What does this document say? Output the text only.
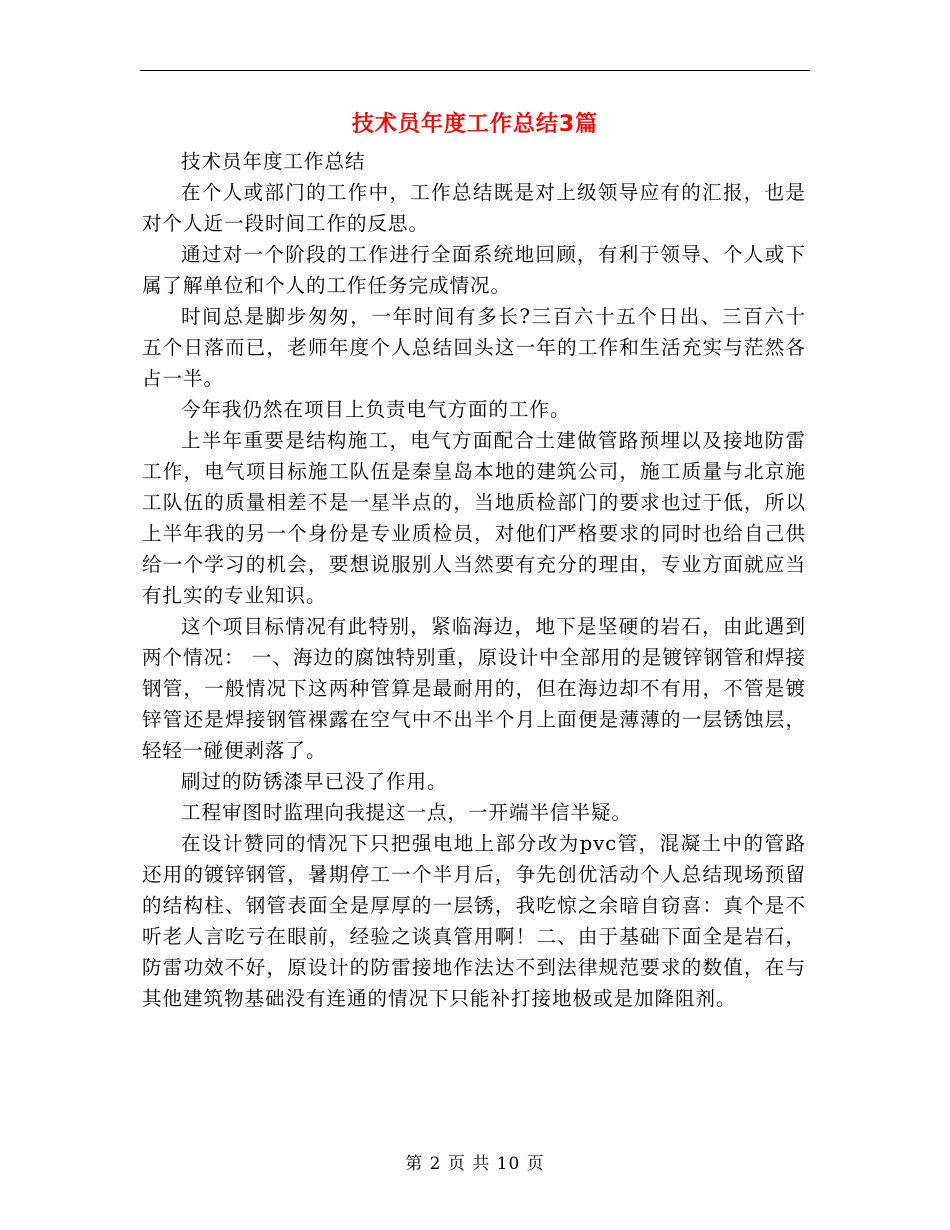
技术员年度工作总结3篇

技术员年度工作总结

在个人或部门的工作中，工作总结既是对上级领导应有的汇报，也是对个人近一段时间工作的反思。

通过对一个阶段的工作进行全面系统地回顾，有利于领导、个人或下属了解单位和个人的工作任务完成情况。

时间总是脚步匆匆，一年时间有多长?三百六十五个日出、三百六十五个日落而已，老师年度个人总结回头这一年的工作和生活充实与茫然各占一半。

今年我仍然在项目上负责电气方面的工作。

上半年重要是结构施工，电气方面配合土建做管路预埋以及接地防雷工作，电气项目标施工队伍是秦皇岛本地的建筑公司，施工质量与北京施工队伍的质量相差不是一星半点的，当地质检部门的要求也过于低，所以上半年我的另一个身份是专业质检员，对他们严格要求的同时也给自己供给一个学习的机会，要想说服别人当然要有充分的理由，专业方面就应当有扎实的专业知识。

这个项目标情况有此特别，紧临海边，地下是坚硬的岩石，由此遇到两个情况： 一、海边的腐蚀特别重，原设计中全部用的是镀锌钢管和焊接钢管，一般情况下这两种管算是最耐用的，但在海边却不有用，不管是镀锌管还是焊接钢管裸露在空气中不出半个月上面便是薄薄的一层锈蚀层，轻轻一碰便剥落了。

刷过的防锈漆早已没了作用。

工程审图时监理向我提这一点，一开端半信半疑。

在设计赞同的情况下只把强电地上部分改为pvc管，混凝土中的管路还用的镀锌钢管，暑期停工一个半月后，争先创优活动个人总结现场预留的结构柱、钢管表面全是厚厚的一层锈，我吃惊之余暗自窃喜：真个是不听老人言吃亏在眼前，经验之谈真管用啊！二、由于基础下面全是岩石，防雷功效不好，原设计的防雷接地作法达不到法律规范要求的数值，在与其他建筑物基础没有连通的情况下只能补打接地极或是加降阻剂。

第 2 页 共 10 页
